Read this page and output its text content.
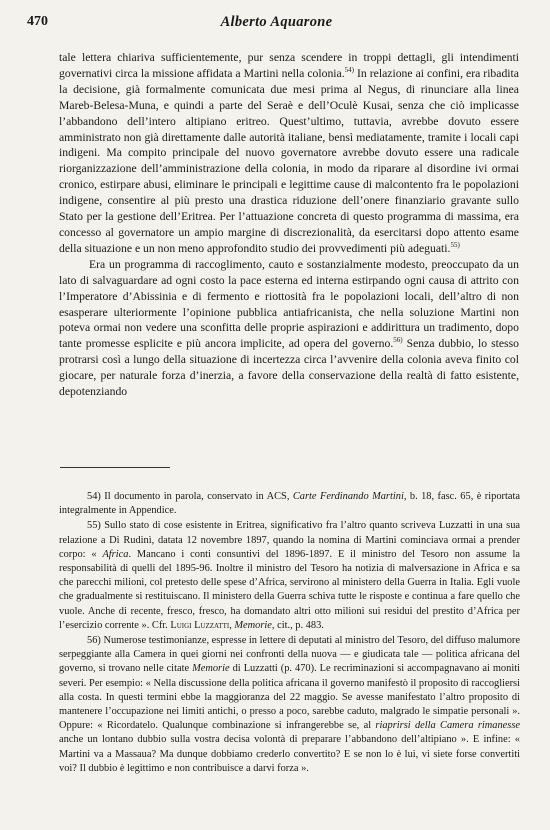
470	Alberto Aquarone

tale lettera chiariva sufficientemente, pur senza scendere in troppi dettagli, gli intendimenti governativi circa la missione affidata a Martini nella colonia.$^{54)}$ In relazione ai confini, era ribadita la decisione, già formalmente comunicata due mesi prima al Negus, di rinunciare alla linea Mareb-Belesa-Muna, e quindi a parte del Seraè e dell’Oculè Kusai, senza che ciò implicasse l’abbandono dell’intero altipiano eritreo. Quest’ultimo, tuttavia, avrebbe dovuto essere amministrato non già direttamente dalle autorità italiane, bensì mediatamente, tramite i locali capi indigeni. Ma compito principale del nuovo governatore avrebbe dovuto essere una radicale riorganizzazione dell’amministrazione della colonia, in modo da riparare al disordine ivi ormai cronico, estirpare abusi, eliminare le principali e legittime cause di malcontento fra le popolazioni indigene, consentire al più presto una drastica riduzione dell’onere finanziario gravante sullo Stato per la gestione dell’Eritrea. Per l’attuazione concreta di questo programma di massima, era concesso al governatore un ampio margine di discrezionalità, da esercitarsi dopo attento esame della situazione e un non meno approfondito studio dei provvedimenti più adeguati.$^{55)}$

Era un programma di raccoglimento, cauto e sostanzialmente modesto, preoccupato da un lato di salvaguardare ad ogni costo la pace esterna ed interna estirpando ogni causa di attrito con l’Imperatore d’Abissinia e di fermento e riottosità fra le popolazioni locali, dell’altro di non esasperare ulteriormente l’opinione pubblica antiafricanista, che nella soluzione Martini non poteva ormai non vedere una sconfitta delle proprie aspirazioni e addirittura un tradimento, dopo tante promesse esplicite e più ancora implicite, ad opera del governo.$^{56)}$ Senza dubbio, lo stesso protrarsi così a lungo della situazione di incertezza circa l’avvenire della colonia aveva finito col giocare, per naturale forza d’inerzia, a favore della conservazione della realtà di fatto esistente, depotenziando

54) Il documento in parola, conservato in ACS, Carte Ferdinando Martini, b. 18, fasc. 65, è riportata integralmente in Appendice.

55) Sullo stato di cose esistente in Eritrea, significativo fra l’altro quanto scriveva Luzzatti in una sua relazione a Di Rudinì, datata 12 novembre 1897, quando la nomina di Martini cominciava ormai a prender corpo: « Africa. Mancano i conti consuntivi del 1896-1897. E il ministro del Tesoro non assume la responsabilità di quelli del 1895-96. Inoltre il ministro del Tesoro ha notizia di malversazione in Africa e sa che parecchi milioni, col pretesto delle spese d’Africa, servirono al ministero della Guerra in Italia. Egli vuole che gradualmente si restituiscano. Il ministero della Guerra schiva tutte le risposte e continua a fare quello che vuole. Anche di recente, fresco, fresco, ha domandato altri otto milioni sui residui del prestito d’Africa per l’esercizio corrente ». Cfr. Luigi Luzzatti, Memorie, cit., p. 483.

56) Numerose testimonianze, espresse in lettere di deputati al ministro del Tesoro, del diffuso malumore serpeggiante alla Camera in quei giorni nei confronti della nuova — e giudicata tale — politica africana del governo, si trovano nelle citate Memorie di Luzzatti (p. 470). Le recriminazioni si accompagnavano ai moniti severi. Per esempio: « Nella discussione della politica africana il governo manifestò il proposito di raccogliersi alla costa. In questi termini ebbe la maggioranza del 22 maggio. Se avesse manifestato l’altro proposito di mantenere l’occupazione nei limiti antichi, o presso a poco, sarebbe caduto, malgrado le simpatie personali ». Oppure: « Ricordatelo. Qualunque combinazione si infrangerebbe se, al riaprirsi della Camera rimanesse anche un lontano dubbio sulla vostra decisa volontà di preparare l’abbandono dell’altipiano ». E infine: « Martini va a Massaua? Ma dunque dobbiamo crederlo convertito? E se non lo è lui, vi siete forse convertiti voi? Il dubbio è legittimo e non contribuisce a darvi forza ».
